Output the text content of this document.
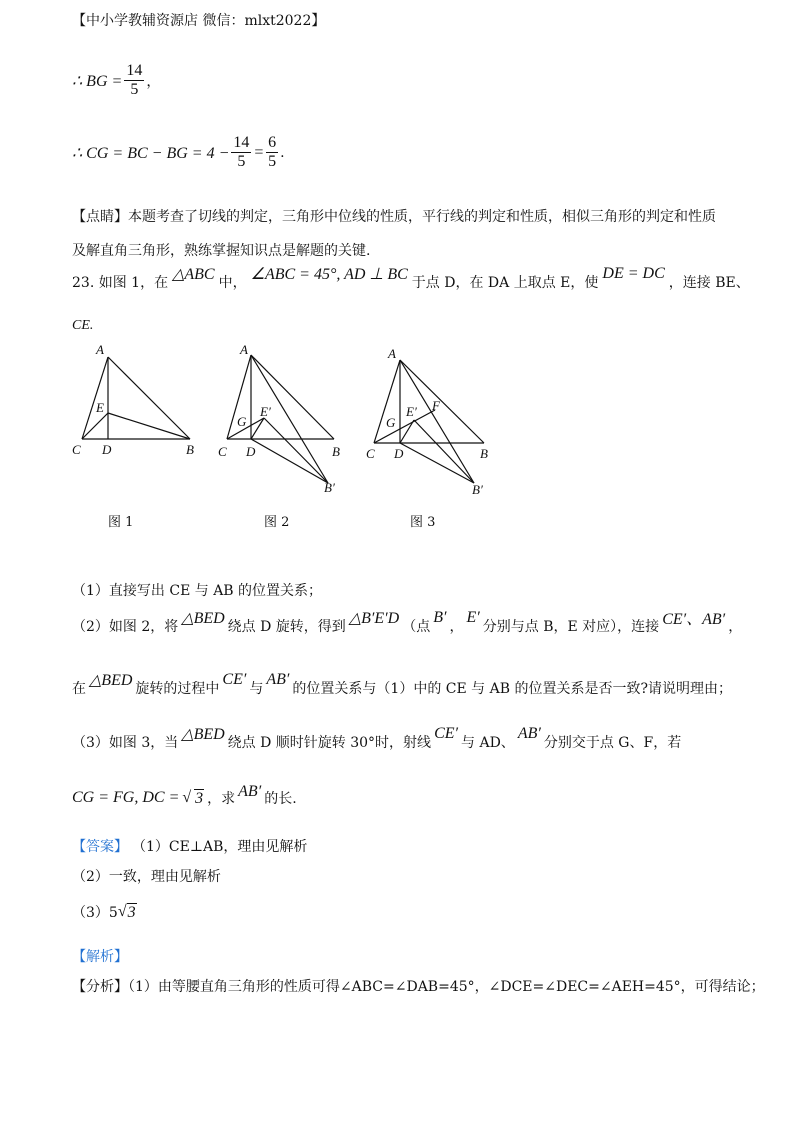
【中小学教辅资源店 微信：mlxt2022】
∴ BG = $\frac{14}{5}$ ，
∴ CG = BC − BG = $4 - \frac{14}{5} = \frac{6}{5}$ .
【点睛】本题考查了切线的判定，三角形中位线的性质，平行线的判定和性质，相似三角形的判定和性质
及解直角三角形，熟练掌握知识点是解题的关键.
23. 如图 1，在 △ABC 中， ∠ABC = 45°, AD ⊥ BC 于点 D，在 DA 上取点 E，使
DE = DC
，连接 BE、
CE.
A
E
C D	B
A
E′
G
C D	B
B′
A
E′ F
G
C D	B
B′
图 1	图 2	图 3
（1）直接写出 CE 与 AB 的位置关系；
（2）如图 2，将 △BED 绕点 D 旋转，得到 △B′E′D （点
B′
，
E′
分别与点 B，E 对应），连接 CE′、AB′ ，
在 △BED 旋转的过程中
CE′
与
AB′
的位置关系与（1）中的 CE 与 AB 的位置关系是否一致?请说明理由；
（3）如图 3，当 △BED 绕点 D 顺时针旋转 30°时，射线
CE′
与 AD、
AB′
分别交于点 G、F，若
CG = FG, DC = √ 3 ，求 AB′ 的长.
【答案】 （1）CE⊥AB，理由见解析
（2）一致，理由见解析
（3）5 √ 3
【解析】
【分析】（1）由等腰直角三角形的性质可得∠ABC=∠DAB=45°，∠DCE=∠DEC=∠AEH=45°，可得结论；
